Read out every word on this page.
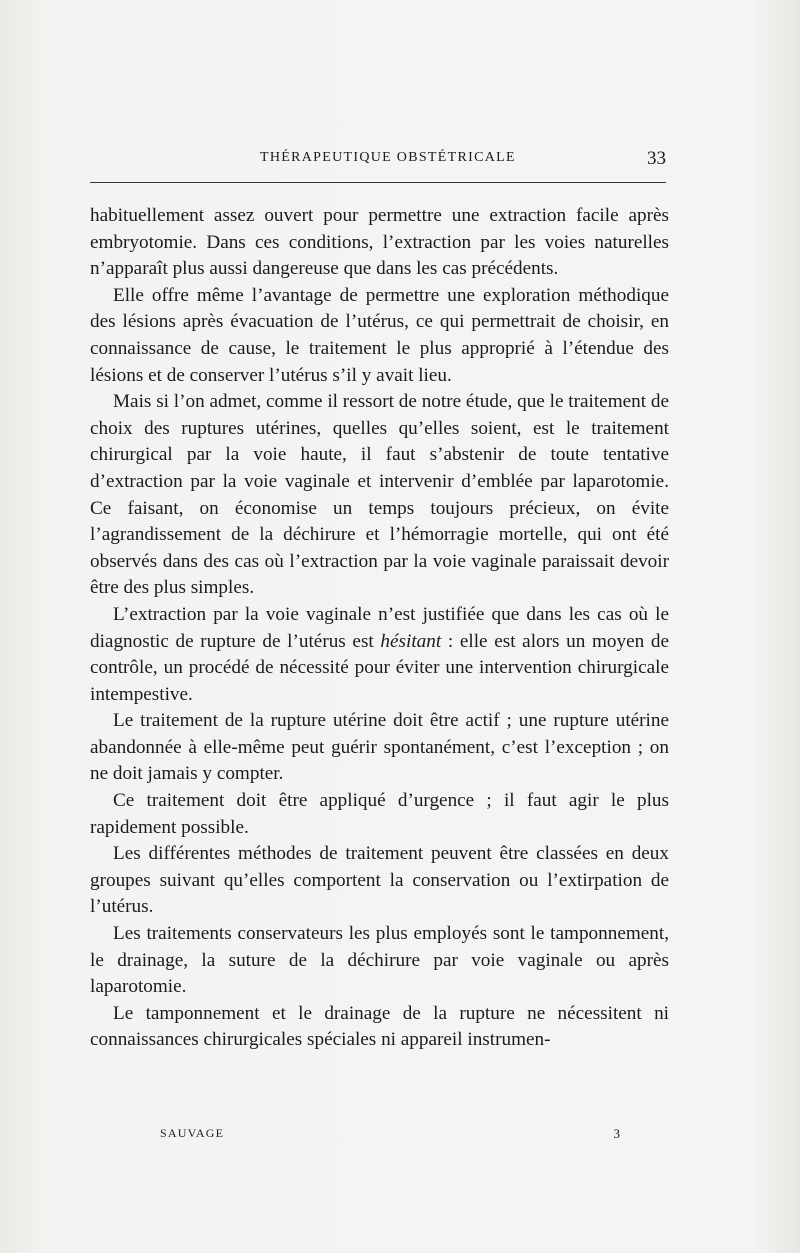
THÉRAPEUTIQUE OBSTÉTRICALE	33

habituellement assez ouvert pour permettre une extraction facile après embryotomie. Dans ces conditions, l’extraction par les voies naturelles n’apparaît plus aussi dangereuse que dans les cas précédents.

Elle offre même l’avantage de permettre une exploration méthodique des lésions après évacuation de l’utérus, ce qui permettrait de choisir, en connaissance de cause, le traitement le plus approprié à l’étendue des lésions et de conserver l’utérus s’il y avait lieu.

Mais si l’on admet, comme il ressort de notre étude, que le traitement de choix des ruptures utérines, quelles qu’elles soient, est le traitement chirurgical par la voie haute, il faut s’abstenir de toute tentative d’extraction par la voie vaginale et intervenir d’emblée par laparotomie. Ce faisant, on économise un temps toujours précieux, on évite l’agrandissement de la déchirure et l’hémorragie mortelle, qui ont été observés dans des cas où l’extraction par la voie vaginale paraissait devoir être des plus simples.

L’extraction par la voie vaginale n’est justifiée que dans les cas où le diagnostic de rupture de l’utérus est hésitant : elle est alors un moyen de contrôle, un procédé de nécessité pour éviter une intervention chirurgicale intempestive.

Le traitement de la rupture utérine doit être actif ; une rupture utérine abandonnée à elle-même peut guérir spontanément, c’est l’exception ; on ne doit jamais y compter.

Ce traitement doit être appliqué d’urgence ; il faut agir le plus rapidement possible.

Les différentes méthodes de traitement peuvent être classées en deux groupes suivant qu’elles comportent la conservation ou l’extirpation de l’utérus.

Les traitements conservateurs les plus employés sont le tamponnement, le drainage, la suture de la déchirure par voie vaginale ou après laparotomie.

Le tamponnement et le drainage de la rupture ne nécessitent ni connaissances chirurgicales spéciales ni appareil instrumen-

SAUVAGE	3
